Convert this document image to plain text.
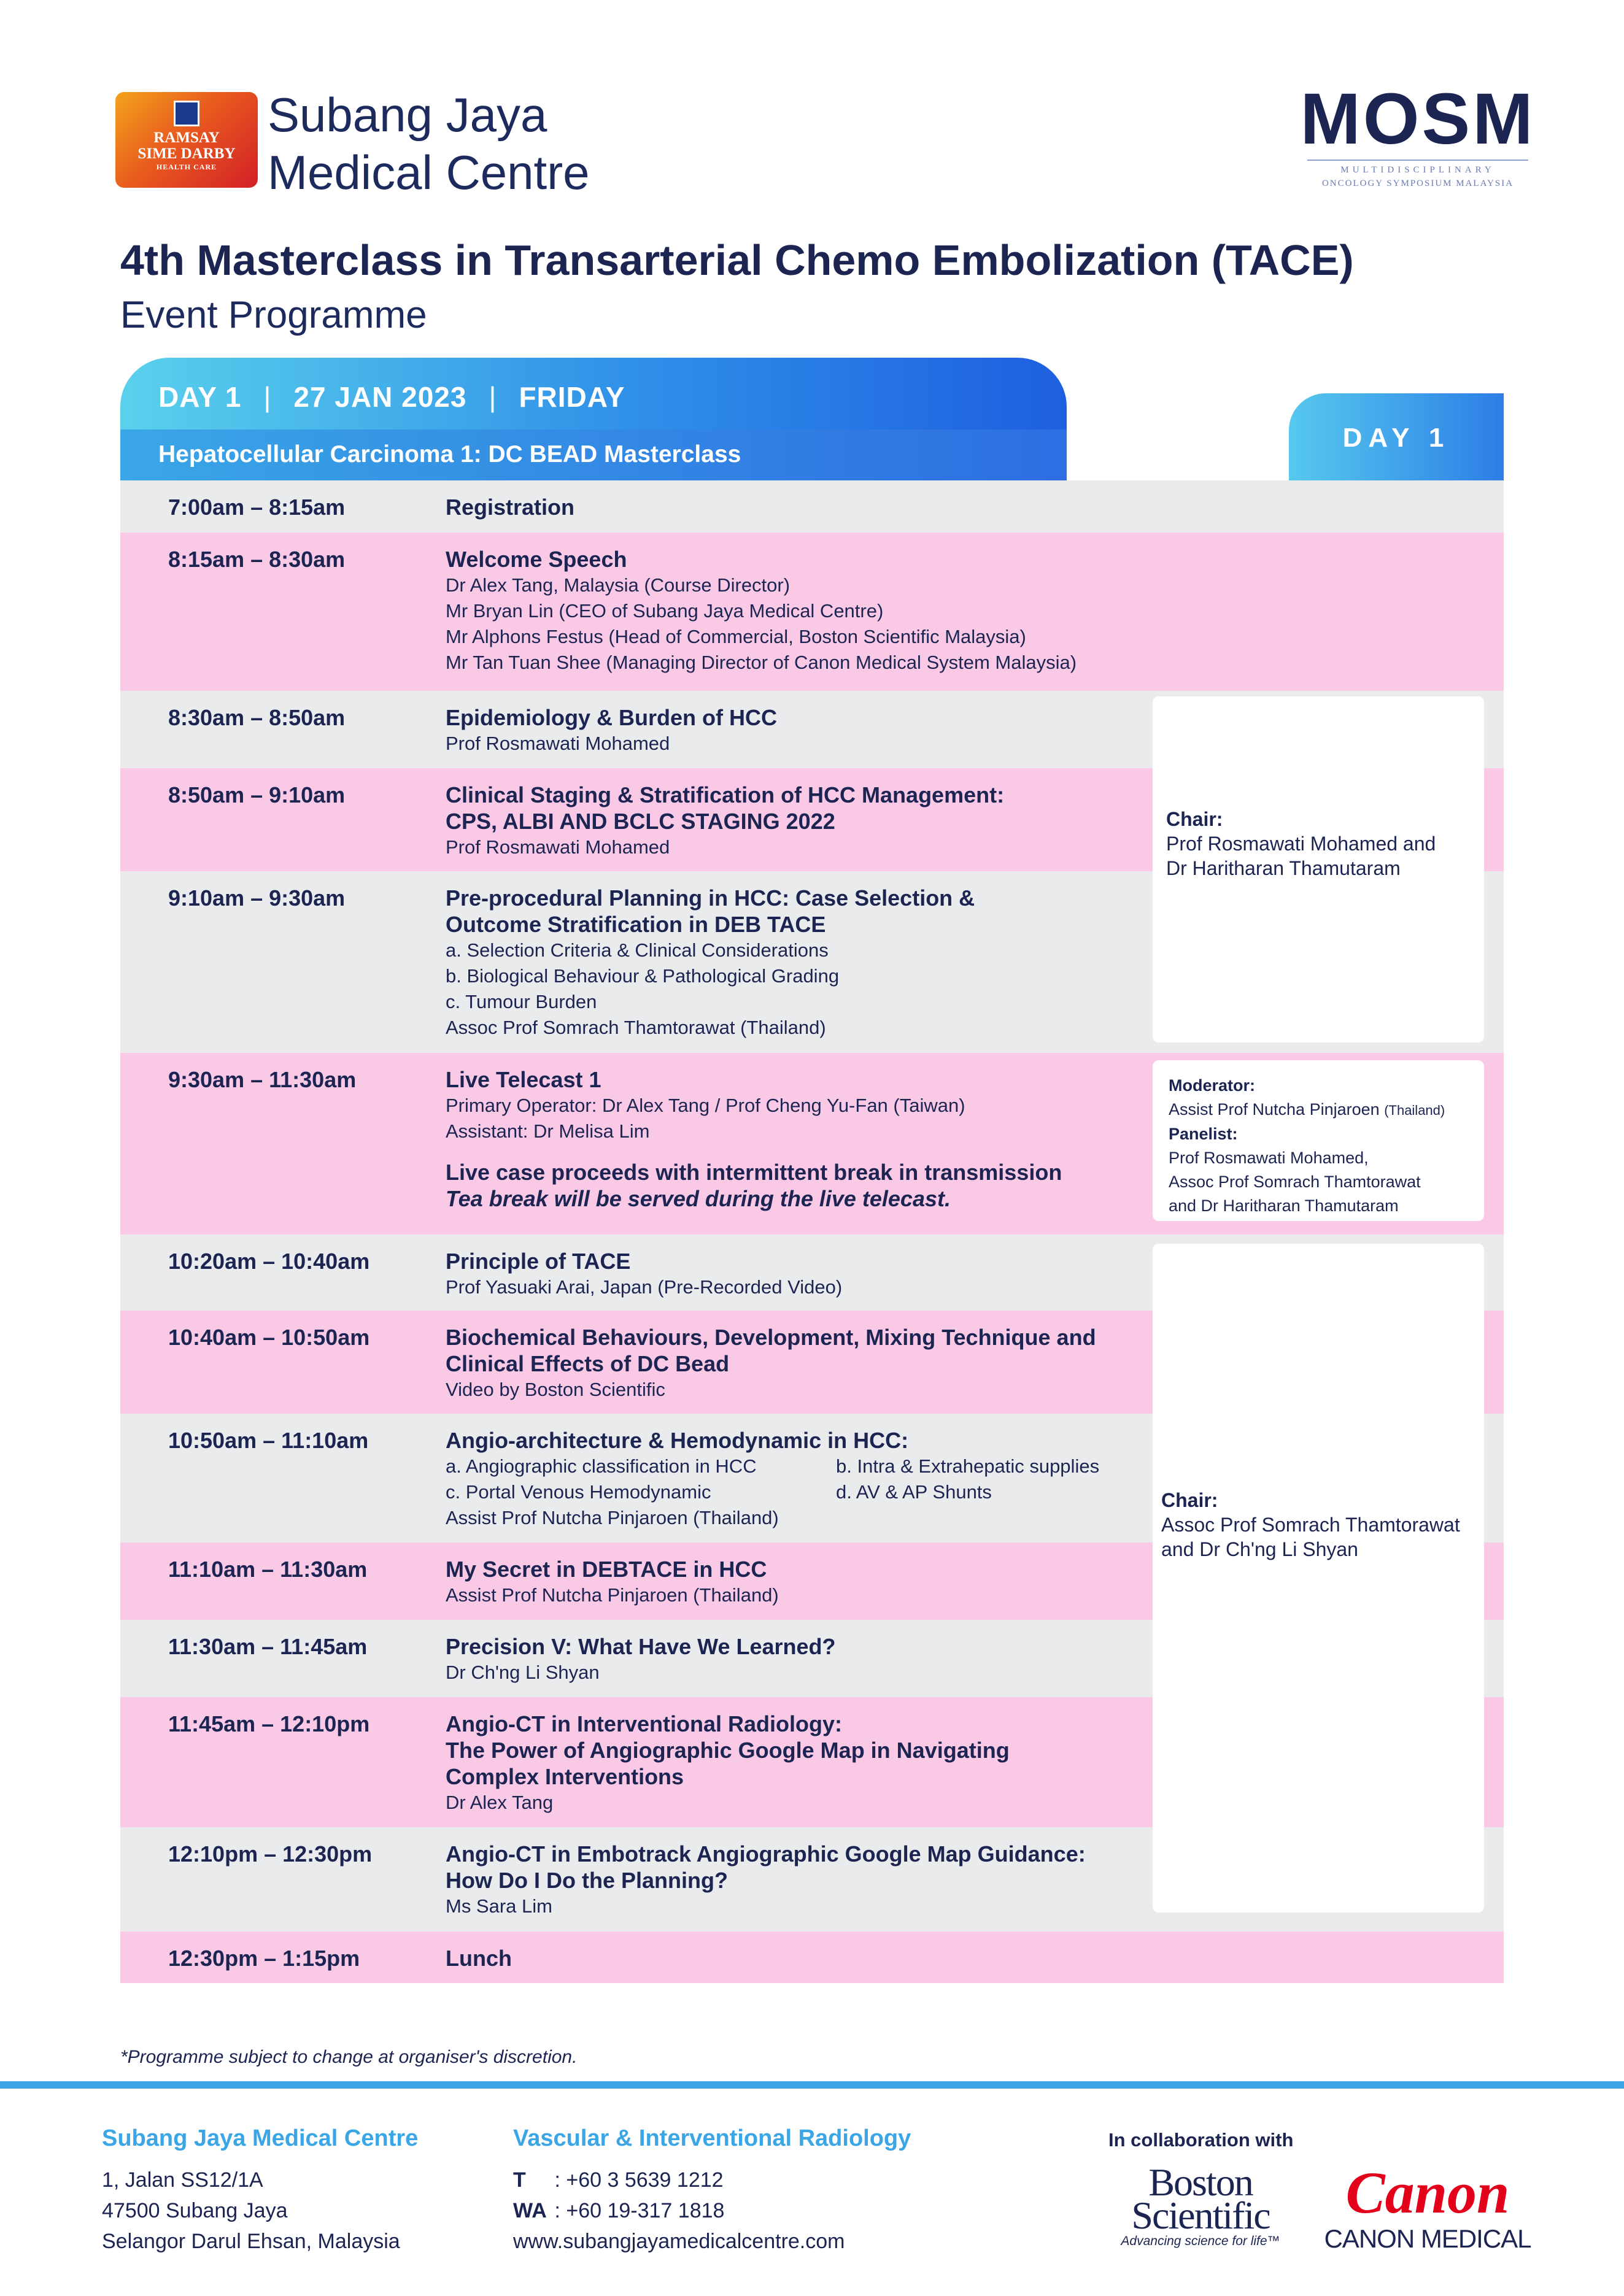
RAMSAY
SIME DARBY
HEALTH CARE
Subang Jaya
Medical Centre
MOSM
MULTIDISCIPLINARY
ONCOLOGY SYMPOSIUM MALAYSIA
4th Masterclass in Transarterial Chemo Embolization (TACE)
Event Programme
DAY 1 | 27 JAN 2023 | FRIDAY
Hepatocellular Carcinoma 1: DC BEAD Masterclass
DAY 1
7:00am – 8:15am	Registration
8:15am – 8:30am	Welcome Speech
Dr Alex Tang, Malaysia (Course Director)
Mr Bryan Lin (CEO of Subang Jaya Medical Centre)
Mr Alphons Festus (Head of Commercial, Boston Scientific Malaysia)
Mr Tan Tuan Shee (Managing Director of Canon Medical System Malaysia)
8:30am – 8:50am	Epidemiology & Burden of HCC
Prof Rosmawati Mohamed
8:50am – 9:10am	Clinical Staging & Stratification of HCC Management:
CPS, ALBI AND BCLC STAGING 2022
Prof Rosmawati Mohamed
9:10am – 9:30am	Pre-procedural Planning in HCC: Case Selection &
Outcome Stratification in DEB TACE
a. Selection Criteria & Clinical Considerations
b. Biological Behaviour & Pathological Grading
c. Tumour Burden
Assoc Prof Somrach Thamtorawat (Thailand)
9:30am – 11:30am	Live Telecast 1
Primary Operator: Dr Alex Tang / Prof Cheng Yu-Fan (Taiwan)
Assistant: Dr Melisa Lim
Live case proceeds with intermittent break in transmission
Tea break will be served during the live telecast.
10:20am – 10:40am	Principle of TACE
Prof Yasuaki Arai, Japan (Pre-Recorded Video)
10:40am – 10:50am	Biochemical Behaviours, Development, Mixing Technique and
Clinical Effects of DC Bead
Video by Boston Scientific
10:50am – 11:10am	Angio-architecture & Hemodynamic in HCC:
a. Angiographic classification in HCC	b. Intra & Extrahepatic supplies
c. Portal Venous Hemodynamic	d. AV & AP Shunts
Assist Prof Nutcha Pinjaroen (Thailand)
11:10am – 11:30am	My Secret in DEBTACE in HCC
Assist Prof Nutcha Pinjaroen (Thailand)
11:30am – 11:45am	Precision V: What Have We Learned?
Dr Ch'ng Li Shyan
11:45am – 12:10pm	Angio-CT in Interventional Radiology:
The Power of Angiographic Google Map in Navigating
Complex Interventions
Dr Alex Tang
12:10pm – 12:30pm	Angio-CT in Embotrack Angiographic Google Map Guidance:
How Do I Do the Planning?
Ms Sara Lim
12:30pm – 1:15pm	Lunch
Chair:
Prof Rosmawati Mohamed and
Dr Haritharan Thamutaram
Moderator:
Assist Prof Nutcha Pinjaroen (Thailand)
Panelist:
Prof Rosmawati Mohamed,
Assoc Prof Somrach Thamtorawat
and Dr Haritharan Thamutaram
Chair:
Assoc Prof Somrach Thamtorawat
and Dr Ch'ng Li Shyan
*Programme subject to change at organiser's discretion.
Subang Jaya Medical Centre
1, Jalan SS12/1A
47500 Subang Jaya
Selangor Darul Ehsan, Malaysia
Vascular & Interventional Radiology
T : +60 3 5639 1212
WA : +60 19-317 1818
www.subangjayamedicalcentre.com
In collaboration with
Boston
Scientific
Advancing science for life™
Canon
CANON MEDICAL
